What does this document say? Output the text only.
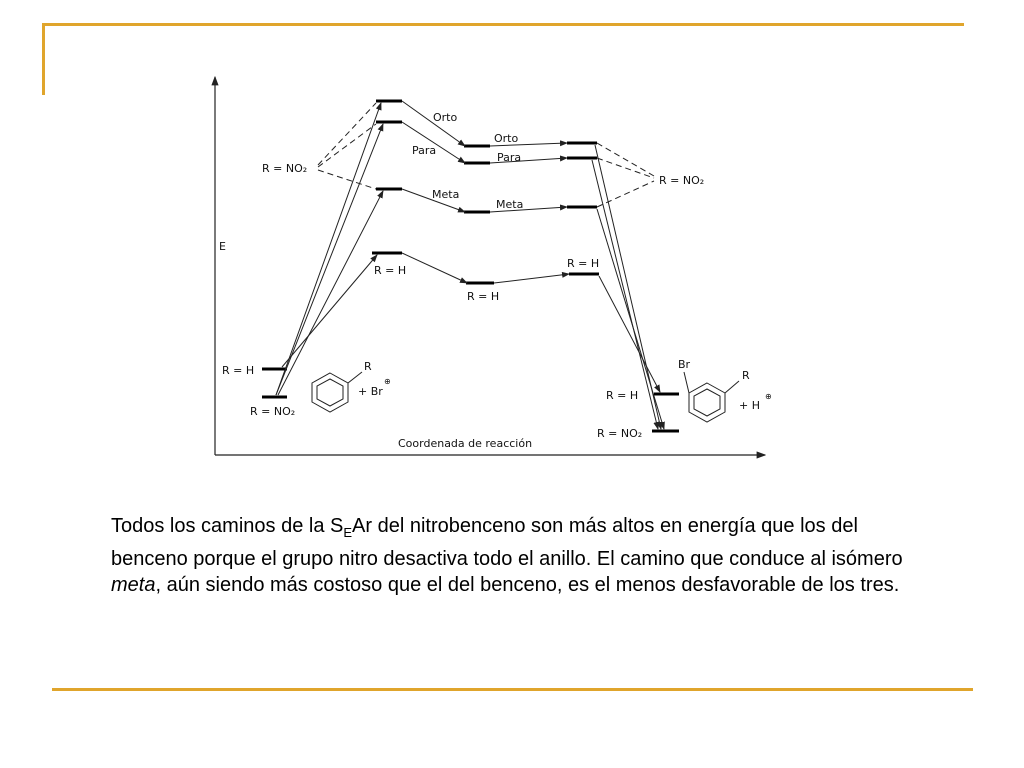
E
Coordenada de reacción
Orto
Orto
Para
Para
Meta
Meta
R = H
R = H
R = H
R = NO₂
R = NO₂
R = H
R = NO₂
R
+ Br
⊕
R = H
R = NO₂
Br
R
+ H
⊕
Todos los caminos de la $S_EAr$ del nitrobenceno son más altos en energía que los del benceno porque el grupo nitro desactiva todo el anillo. El camino que conduce al isómero meta, aún siendo más costoso que el del benceno, es el menos desfavorable de los tres.
